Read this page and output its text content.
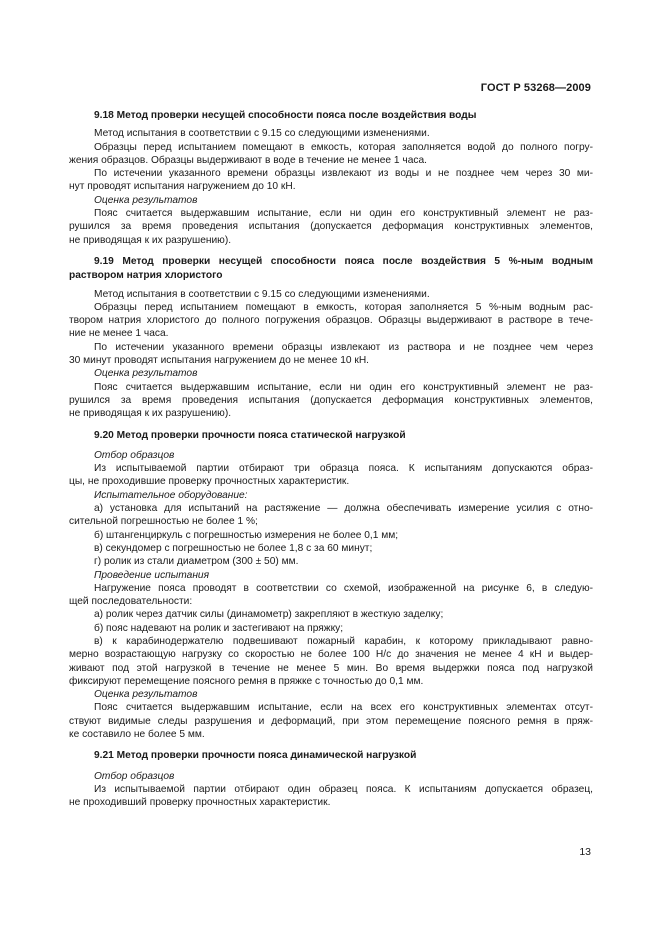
ГОСТ Р 53268—2009
9.18 Метод проверки несущей способности пояса после воздействия воды
Метод испытания в соответствии с 9.15 со следующими изменениями.
Образцы перед испытанием помещают в емкость, которая заполняется водой до полного погру-
жения образцов. Образцы выдерживают в воде в течение не менее 1 часа.
По истечении указанного времени образцы извлекают из воды и не позднее чем через 30 ми-
нут проводят испытания нагружением до 10 кН.
Оценка результатов
Пояс считается выдержавшим испытание, если ни один его конструктивный элемент не раз-
рушился за время проведения испытания (допускается деформация конструктивных элементов,
не приводящая к их разрушению).
9.19 Метод проверки несущей способности пояса после воздействия 5 %-ным водным
раствором натрия хлористого
Метод испытания в соответствии с 9.15 со следующими изменениями.
Образцы перед испытанием помещают в емкость, которая заполняется 5 %-ным водным рас-
твором натрия хлористого до полного погружения образцов. Образцы выдерживают в растворе в тече-
ние не менее 1 часа.
По истечении указанного времени образцы извлекают из раствора и не позднее чем через
30 минут проводят испытания нагружением до не менее 10 кН.
Оценка результатов
Пояс считается выдержавшим испытание, если ни один его конструктивный элемент не раз-
рушился за время проведения испытания (допускается деформация конструктивных элементов,
не приводящая к их разрушению).
9.20 Метод проверки прочности пояса статической нагрузкой
Отбор образцов
Из испытываемой партии отбирают три образца пояса. К испытаниям допускаются образ-
цы, не проходившие проверку прочностных характеристик.
Испытательное оборудование:
а) установка для испытаний на растяжение — должна обеспечивать измерение усилия с отно-
сительной погрешностью не более 1 %;
б) штангенциркуль с погрешностью измерения не более 0,1 мм;
в) секундомер с погрешностью не более 1,8 с за 60 минут;
г) ролик из стали диаметром (300 ± 50) мм.
Проведение испытания
Нагружение пояса проводят в соответствии со схемой, изображенной на рисунке 6, в следую-
щей последовательности:
а) ролик через датчик силы (динамометр) закрепляют в жесткую заделку;
б) пояс надевают на ролик и застегивают на пряжку;
в) к карабинодержателю подвешивают пожарный карабин, к которому прикладывают равно-
мерно возрастающую нагрузку со скоростью не более 100 Н/с до значения не менее 4 кН и выдер-
живают под этой нагрузкой в течение не менее 5 мин. Во время выдержки пояса под нагрузкой
фиксируют перемещение поясного ремня в пряжке с точностью до 0,1 мм.
Оценка результатов
Пояс считается выдержавшим испытание, если на всех его конструктивных элементах отсут-
ствуют видимые следы разрушения и деформаций, при этом перемещение поясного ремня в пряж-
ке составило не более 5 мм.
9.21 Метод проверки прочности пояса динамической нагрузкой
Отбор образцов
Из испытываемой партии отбирают один образец пояса. К испытаниям допускается образец,
не проходивший проверку прочностных характеристик.
13
